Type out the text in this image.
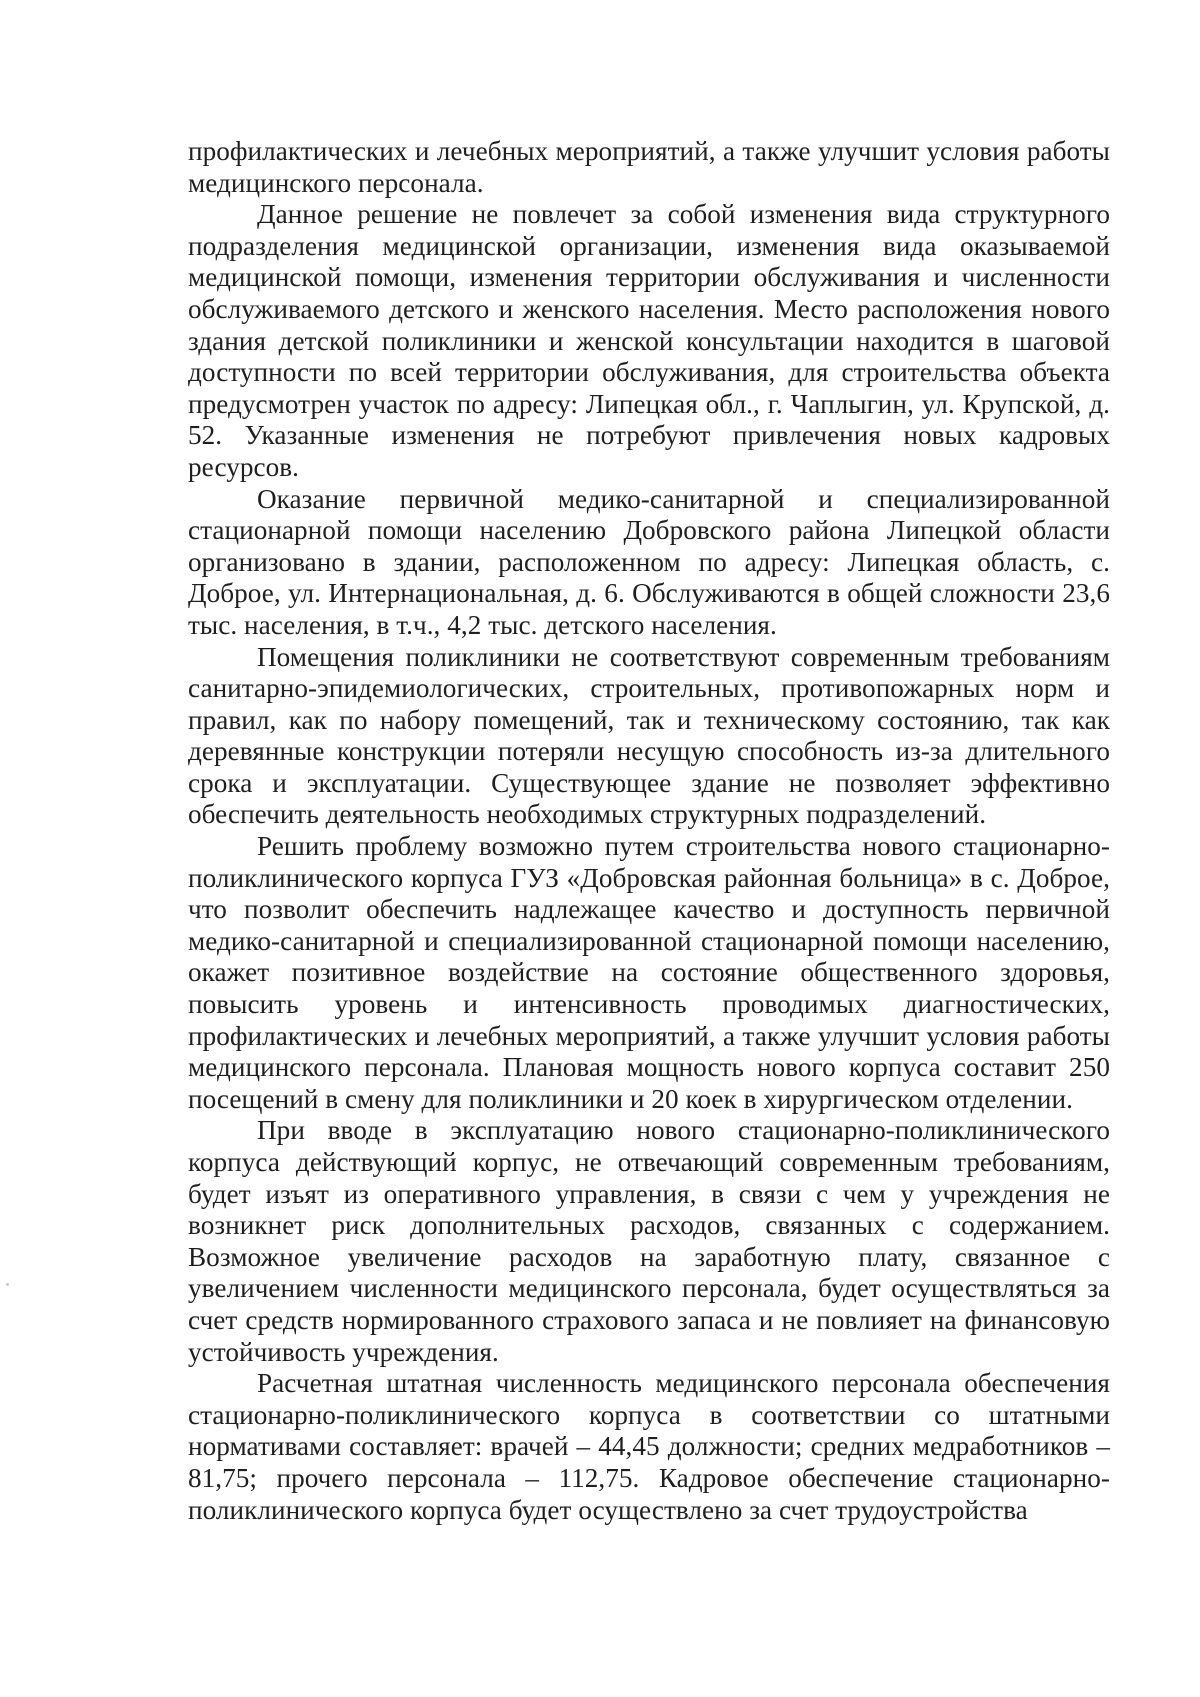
профилактических и лечебных мероприятий, а также улучшит условия работы медицинского персонала.

Данное решение не повлечет за собой изменения вида структурного подразделения медицинской организации, изменения вида оказываемой медицинской помощи, изменения территории обслуживания и численности обслуживаемого детского и женского населения. Место расположения нового здания детской поликлиники и женской консультации находится в шаговой доступности по всей территории обслуживания, для строительства объекта предусмотрен участок по адресу: Липецкая обл., г. Чаплыгин, ул. Крупской, д. 52. Указанные изменения не потребуют привлечения новых кадровых ресурсов.

Оказание первичной медико-санитарной и специализированной стационарной помощи населению Добровского района Липецкой области организовано в здании, расположенном по адресу: Липецкая область, с. Доброе, ул. Интернациональная, д. 6. Обслуживаются в общей сложности 23,6 тыс. населения, в т.ч., 4,2 тыс. детского населения.

Помещения поликлиники не соответствуют современным требованиям санитарно-эпидемиологических, строительных, противопожарных норм и правил, как по набору помещений, так и техническому состоянию, так как деревянные конструкции потеряли несущую способность из-за длительного срока и эксплуатации. Существующее здание не позволяет эффективно обеспечить деятельность необходимых структурных подразделений.

Решить проблему возможно путем строительства нового стационарно-поликлинического корпуса ГУЗ «Добровская районная больница» в с. Доброе, что позволит обеспечить надлежащее качество и доступность первичной медико-санитарной и специализированной стационарной помощи населению, окажет позитивное воздействие на состояние общественного здоровья, повысить уровень и интенсивность проводимых диагностических, профилактических и лечебных мероприятий, а также улучшит условия работы медицинского персонала. Плановая мощность нового корпуса составит 250 посещений в смену для поликлиники и 20 коек в хирургическом отделении.

При вводе в эксплуатацию нового стационарно-поликлинического корпуса действующий корпус, не отвечающий современным требованиям, будет изъят из оперативного управления, в связи с чем у учреждения не возникнет риск дополнительных расходов, связанных с содержанием. Возможное увеличение расходов на заработную плату, связанное с увеличением численности медицинского персонала, будет осуществляться за счет средств нормированного страхового запаса и не повлияет на финансовую устойчивость учреждения.

Расчетная штатная численность медицинского персонала обеспечения стационарно-поликлинического корпуса в соответствии со штатными нормативами составляет: врачей – 44,45 должности; средних медработников – 81,75; прочего персонала – 112,75. Кадровое обеспечение стационарно-поликлинического корпуса будет осуществлено за счет трудоустройства
